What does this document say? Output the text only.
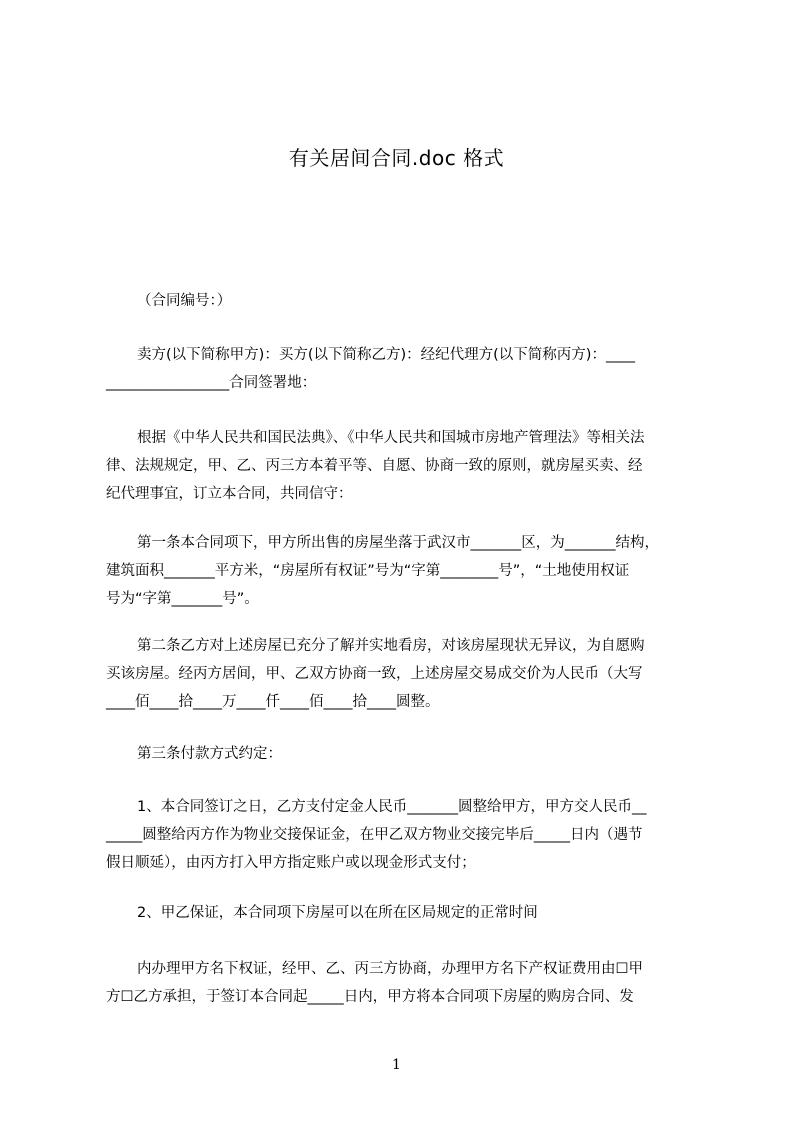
有关居间合同.doc 格式
（合同编号：）
卖方(以下简称甲方)：买方(以下简称乙方)：经纪代理方(以下简称丙方)：____
_________________合同签署地：
根据《中华人民共和国民法典》、《中华人民共和国城市房地产管理法》等相关法
律、法规规定，甲、乙、丙三方本着平等、自愿、协商一致的原则，就房屋买卖、经
纪代理事宜，订立本合同，共同信守：
第一条本合同项下，甲方所出售的房屋坐落于武汉市_______区，为_______结构，
建筑面积_______平方米，“房屋所有权证”号为“字第________号”，“土地使用权证
号为“字第_______号”。
第二条乙方对上述房屋已充分了解并实地看房，对该房屋现状无异议，为自愿购
买该房屋。经丙方居间，甲、乙双方协商一致，上述房屋交易成交价为人民币（大写
____佰____拾____万____仟____佰____拾____圆整。
第三条付款方式约定：
1、本合同签订之日，乙方支付定金人民币_______圆整给甲方，甲方交人民币__
_____圆整给丙方作为物业交接保证金，在甲乙双方物业交接完毕后_____日内（遇节
假日顺延），由丙方打入甲方指定账户或以现金形式支付；
2、甲乙保证，本合同项下房屋可以在所在区局规定的正常时间
内办理甲方名下权证，经甲、乙、丙三方协商，办理甲方名下产权证费用由☐甲
方☐乙方承担，于签订本合同起_____日内，甲方将本合同项下房屋的购房合同、发
1
